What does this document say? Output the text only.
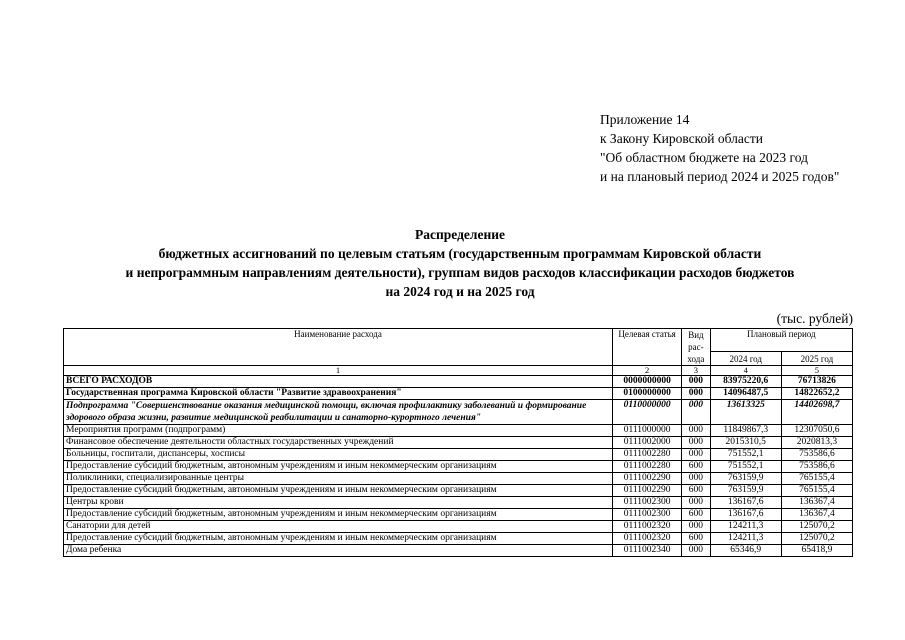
Приложение 14
к Закону Кировской области
"Об областном бюджете на 2023 год
и на плановый период 2024 и 2025 годов"
Распределение
бюджетных ассигнований по целевым статьям (государственным программам Кировской области
и непрограммным направлениям деятельности), группам видов расходов классификации расходов бюджетов
на 2024 год и на 2025 год
(тыс. рублей)
Наименование расхода	Целевая статья	Вид рас-хода	Плановый период	
			2024 год	2025 год
1	2	3	4	5
ВСЕГО РАСХОДОВ	0000000000	000	83975220,6	76713826
Государственная программа Кировской области "Развитие здравоохранения"	0100000000	000	14096487,5	14822652,2
Подпрограмма "Совершенствование оказания медицинской помощи, включая профилактику заболеваний и формирование здорового образа жизни, развитие медицинской реабилитации и санаторно-курортного лечения"	0110000000	000	13613325	14402698,7
Мероприятия программ (подпрограмм)	0111000000	000	11849867,3	12307050,6
Финансовое обеспечение деятельности областных государственных учреждений	0111002000	000	2015310,5	2020813,3
Больницы, госпитали, диспансеры, хосписы	0111002280	000	751552,1	753586,6
Предоставление субсидий бюджетным, автономным учреждениям и иным некоммерческим организациям	0111002280	600	751552,1	753586,6
Поликлиники, специализированные центры	0111002290	000	763159,9	765155,4
Предоставление субсидий бюджетным, автономным учреждениям и иным некоммерческим организациям	0111002290	600	763159,9	765155,4
Центры крови	0111002300	000	136167,6	136367,4
Предоставление субсидий бюджетным, автономным учреждениям и иным некоммерческим организациям	0111002300	600	136167,6	136367,4
Санатории для детей	0111002320	000	124211,3	125070,2
Предоставление субсидий бюджетным, автономным учреждениям и иным некоммерческим организациям	0111002320	600	124211,3	125070,2
Дома ребенка	0111002340	000	65346,9	65418,9
